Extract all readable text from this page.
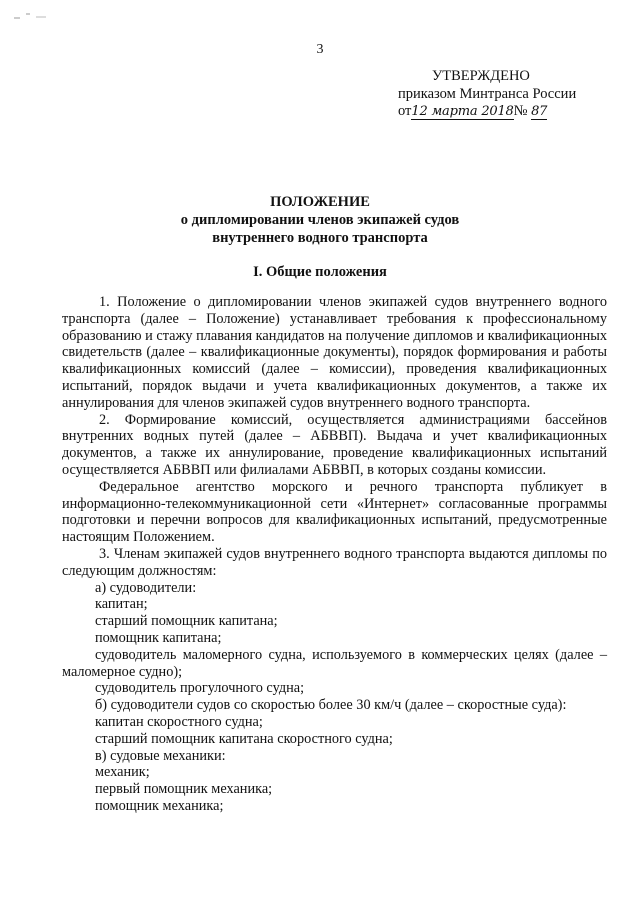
3
УТВЕРЖДЕНО
приказом Минтранса России
от12 марта 2018№ 87
ПОЛОЖЕНИЕ
о дипломировании членов экипажей судов
внутреннего водного транспорта
I. Общие положения

1. Положение о дипломировании членов экипажей судов внутреннего водного транспорта (далее – Положение) устанавливает требования к профессиональному образованию и стажу плавания кандидатов на получение дипломов и квалификационных свидетельств (далее – квалификационные документы), порядок формирования и работы квалификационных комиссий (далее – комиссии), проведения квалификационных испытаний, порядок выдачи и учета квалификационных документов, а также их аннулирования для членов экипажей судов внутреннего водного транспорта.

2. Формирование комиссий, осуществляется администрациями бассейнов внутренних водных путей (далее – АБВВП). Выдача и учет квалификационных документов, а также их аннулирование, проведение квалификационных испытаний осуществляется АБВВП или филиалами АБВВП, в которых созданы комиссии.

Федеральное агентство морского и речного транспорта публикует в информационно-телекоммуникационной сети «Интернет» согласованные программы подготовки и перечни вопросов для квалификационных испытаний, предусмотренные настоящим Положением.

3. Членам экипажей судов внутреннего водного транспорта выдаются дипломы по следующим должностям:

а) судоводители:

капитан;

старший помощник капитана;

помощник капитана;

судоводитель маломерного судна, используемого в коммерческих целях (далее – маломерное судно);

судоводитель прогулочного судна;

б) судоводители судов со скоростью более 30 км/ч (далее – скоростные суда):

капитан скоростного судна;

старший помощник капитана скоростного судна;

в) судовые механики:

механик;

первый помощник механика;

помощник механика;
